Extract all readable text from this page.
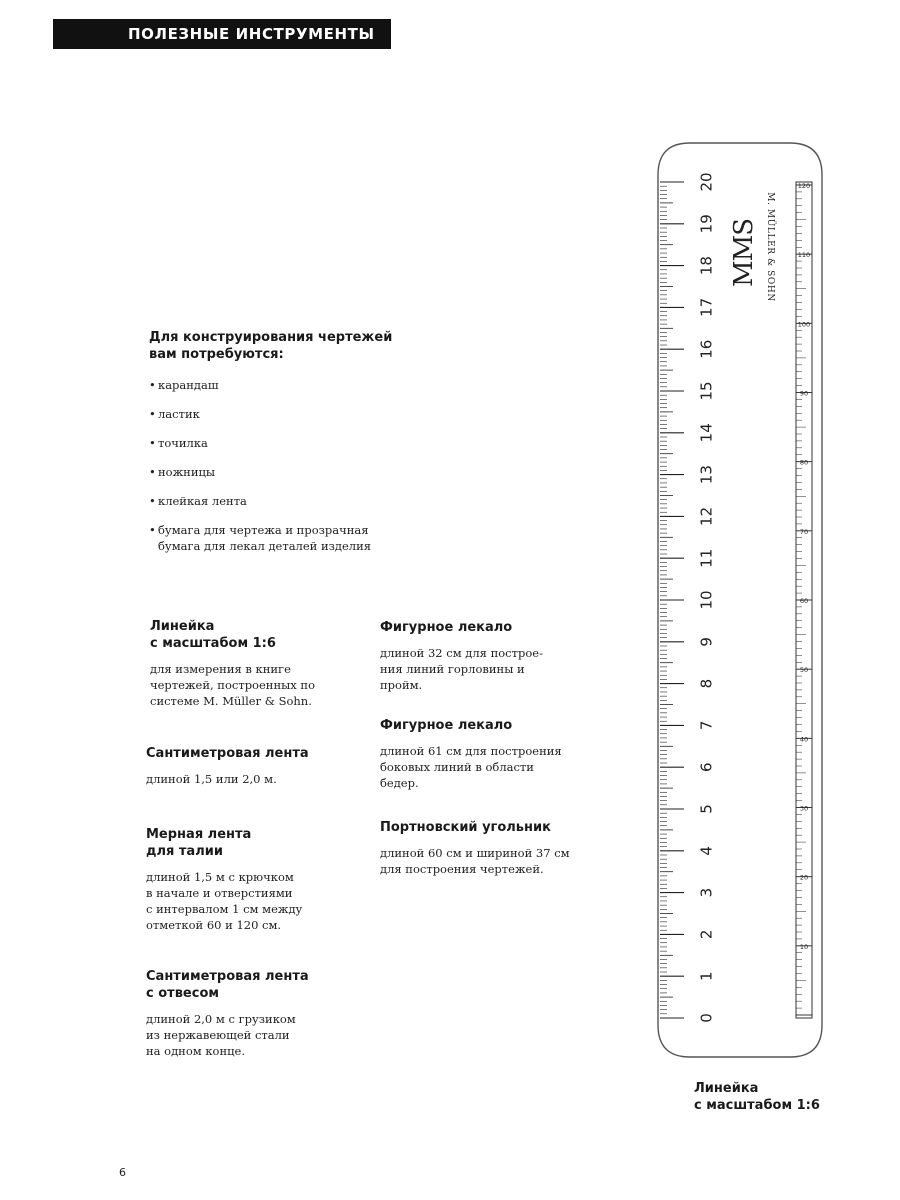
ПОЛЕЗНЫЕ ИНСТРУМЕНТЫ
Для конструирования чертежей
вам потребуются:
• карандаш
• ластик
• точилка
• ножницы
• клейкая лента
• бумага для чертежа и прозрачная
бумага для лекал деталей изделия
Линейка
с масштабом 1:6
для измерения в книге
чертежей, построенных по
системе M. Müller & Sohn.
Сантиметровая лента
длиной 1,5 или 2,0 м.
Мерная лента
для талии
длиной 1,5 м с крючком
в начале и отверстиями
с интервалом 1 см между
отметкой 60 и 120 см.
Сантиметровая лента
с отвесом
длиной 2,0 м с грузиком
из нержавеющей стали
на одном конце.
Фигурное лекало
длиной 32 см для построе-
ния линий горловины и
пройм.
Фигурное лекало
длиной 61 см для построения
боковых линий в области
бедер.
Портновский угольник
длиной 60 см и шириной 37 см
для построения чертежей.
0
1
2
3
4
5
6
7
8
9
10
11
12
13
14
15
16
17
18
19
20
10
20
30
40
50
60
70
80
90
100
110
120
MMS M. MÜLLER & SOHN
Линейка
с масштабом 1:6
6
